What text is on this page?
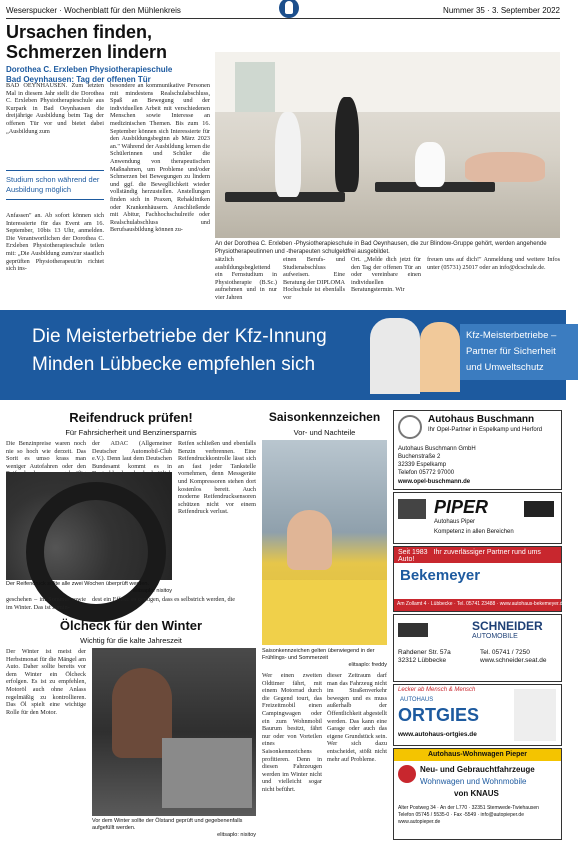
Weserspucker · Wochenblatt für den Mühlenkreis	Nummer 35 · 3. September 2022
Ursachen finden,
Schmerzen lindern
Dorothea C. Erxleben Physiotherapieschule
Bad Oeynhausen: Tag der offenen Tür
BAD OEYNHAUSEN. Zum letzten Mal in diesem Jahr stellt die Dorothea C. Erxleben Physiotherapieschule aus Kurpark in Bad Oeynhausen die dreijährige Ausbildung beim Tag der offenen Tür vor und bietet dabei „Ausbildung zum
Studium schon während der Ausbildung möglich
Anfassen" an. Ab sofort können sich Interessierte für das Event am 16. September, 10bis 13 Uhr, anmelden. Die Verantwortlichen der Dorothea C. Erxleben Physiotherapieschule teilen mit: „Die Ausbildung zum/zur staatlich geprüften Physiotherapeut/in richtet sich ins-
besondere an kommunikative Personen mit mindestens Realschulabschluss, Spaß an Bewegung und der individuellen Arbeit mit verschiedenen Menschen sowie Interesse an medizinischen Themen. Bis zum 16. September können sich Interessierte für den Ausbildungsbeginn ab März 2023 an." Während der Ausbildung lernen die Schülerinnen und Schüler die Anwendung von therapeutischen Maßnahmen, um Probleme und/oder Schmerzen bei Bewegungen zu lindern und ggf. die Bewegllichkeit wieder vollständig herzustellen. Anstellungen finden sich in Praxen, Rehakliniken oder Krankenhäusern. Anschließende mit Abitur, Fachhochschulreife oder Realschulabschluss und Berufsausbildung können zu-
An der Dorothea C. Erxleben -Physiotherapieschule in Bad Oeynhausen, die zur Blindow-Gruppe gehört, werden angehende Physiotherapeutinnen und -therapeuten schulgeldfrei ausgebildet.
sätzlich ausbildungsbegleitend ein Fernstudium in Physiotherapie (B.Sc.) aufnehmen und in nur vier Jahren
einen Berufs- und Studienabschluss aufweisen. Eine Beratung der DIPLOMA Hochschule ist ebenfalls vor
Ort. „Melde dich jetzt für den Tag der offenen Tür an oder vereinbare einen individuellen Beratungstermin. Wir
freuen uns auf dich!" Anmeldung und weitere Infos unter (05731) 25017 oder an info@dcschule.de.
Die Meisterbetriebe der Kfz-Innung
Minden Lübbecke empfehlen sich
Kfz-Meisterbetriebe –
Partner für Sicherheit
und Umweltschutz
Reifendruck prüfen!
Für Fahrsicherheit und Benzinersparnis
Die Benzinpreise waren noch nie so hoch wie derzeit. Das Sorit es umso krass man weniger Autofahren oder den
der ADAC (Allgemeiner Deutscher Automobil-Club e.V.). Denn laut dem Deutschen Bundesamt kommt es in
Reifen schließen und ebenfalls Benzin verbrennen. Eine Reifendruckkontrolle lässt sich an fast jeder Tankstelle vornehmen, denn Messgeräte und Kompressoren stehen dort kostenlos bereit. Auch moderne Reifendrucksensoren schützen nicht vor einem Reifendruck verlust.
Der Reifendruck sollte alle zwei Wochen überprüft werden.
elitsaplo: nisitoy
geschehen – im Sommer sowie im Winter. Das ist zumin-
dest ein Effekt: es genügen, dass es selbstrich werden, die
Ölcheck für den Winter
Wichtig für die kalte Jahreszeit
Der Winter ist meist der Herbstmonat für die Mängel am Auto. Daher sollte bereits vor dem Winter ein Ölcheck erfolgen. Es ist zu empfehlen, Motoröl auch ohne Anlass regelmäßig zu kontrollieren. Das Öl spielt eine wichtige Rolle für den Motor.
Vor dem Winter sollte der Ölstand geprüft und gegebenenfalls aufgefüllt werden.
elitsaplo: nisitoy
Saisonkennzeichen
Vor- und Nachteile
Saisonkennzeichen gelten überwiegend in der Frühlings- und Sommerzeit
elitsaplo: freddy
Wer einen zweiten Oldtimer fährt, mit einem Motorrad durch die Gegend tourt, das Freizeitmobil einen Campingwagen oder ein zum Wohnmobil Baurum besitzt, fährt nur oder von Vorteilen eines Saisonkennzeichens profitieren. Denn in diesen Fahrzeugen werden im Winter nicht und vielleicht sogar nicht beführt.
dieser Zeitraum darf man das Fahrzeug nicht im Straßenverkehr bewegen und es muss außerhalb der Öffentlichkeit abgestellt werden. Das kann eine Garage oder auch das eigene Grundstück sein. Wer sich dazu entscheidet, stößt nicht mehr auf Probleme.
Autohaus Buschmann
Ihr Opel-Partner in Espelkamp und Herford
Autohaus Buschmann GmbH
Buchenstraße 2
32339 Espelkamp
Telefon 05772 97000
www.opel-buschmann.de
PIPER
Autohaus Piper
Kompetenz in allen Bereichen
Seit 1983 Ihr zuverlässiger Partner rund ums Auto!
Bekemeyer
Am Zollamt 4 · Lübbecke · Tel. 05741 23488 · www.autohaus-bekemeyer.de
SCHNEIDER
AUTOMOBILE
Rahdener Str. 57a
32312 Lübbecke
Tel. 05741 / 7250
www.schneider.seat.de
Lecker ab Mensch & Mensch
AUTOHAUS
ORTGIES
www.autohaus-ortgies.de
Autohaus-Wohnwagen Pieper
Neu- und Gebrauchtfahrzeuge
Wohnwagen und Wohnmobile
von KNAUS
Alter Postweg 34 · An der L770 · 32351 Stemwede-Twiehausen
Telefon 05745 / 5535-0 · Fax -5549 · info@autopieper.de
www.autopieper.de
